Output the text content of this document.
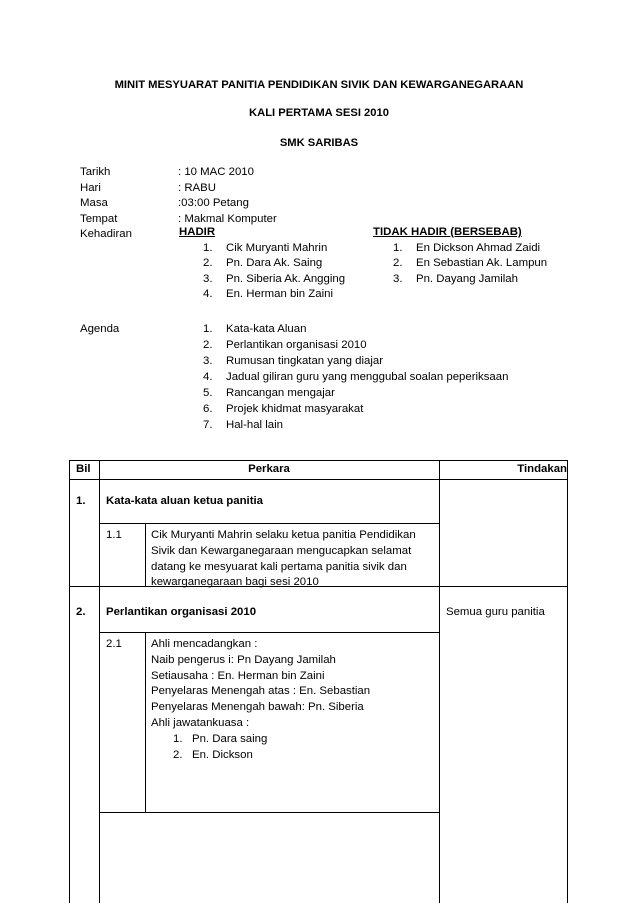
MINIT MESYUARAT PANITIA PENDIDIKAN SIVIK DAN KEWARGANEGARAAN
KALI PERTAMA SESI 2010
SMK SARIBAS
Tarikh	: 10 MAC 2010
Hari	: RABU
Masa	:03:00 Petang
Tempat	: Makmal Komputer
Kehadiran	HADIR
1. Cik Muryanti Mahrin
2. Pn. Dara Ak. Saing
3. Pn. Siberia Ak. Angging
4. En. Herman bin Zaini
TIDAK HADIR (BERSEBAB)
1. En Dickson Ahmad Zaidi
2. En Sebastian Ak. Lampun
3. Pn. Dayang Jamilah
Agenda	1. Kata-kata Aluan
2. Perlantikan organisasi 2010
3. Rumusan tingkatan yang diajar
4. Jadual giliran guru yang menggubal soalan peperiksaan
5. Rancangan mengajar
6. Projek khidmat masyarakat
7. Hal-hal lain
Bil	Perkara	Tindakan
1. Kata-kata aluan ketua panitia
1.1	Cik Muryanti Mahrin selaku ketua panitia Pendidikan
Sivik dan Kewarganegaraan mengucapkan selamat
datang ke mesyuarat kali pertama panitia sivik dan
kewarganegaraan bagi sesi 2010
2. Perlantikan organisasi 2010	Semua guru panitia
2.1	Ahli mencadangkan :
Naib pengerus i: Pn Dayang Jamilah
Setiausaha : En. Herman bin Zaini
Penyelaras Menengah atas : En. Sebastian
Penyelaras Menengah bawah: Pn. Siberia
Ahli jawatankuasa :
1. Pn. Dara saing
2. En. Dickson
